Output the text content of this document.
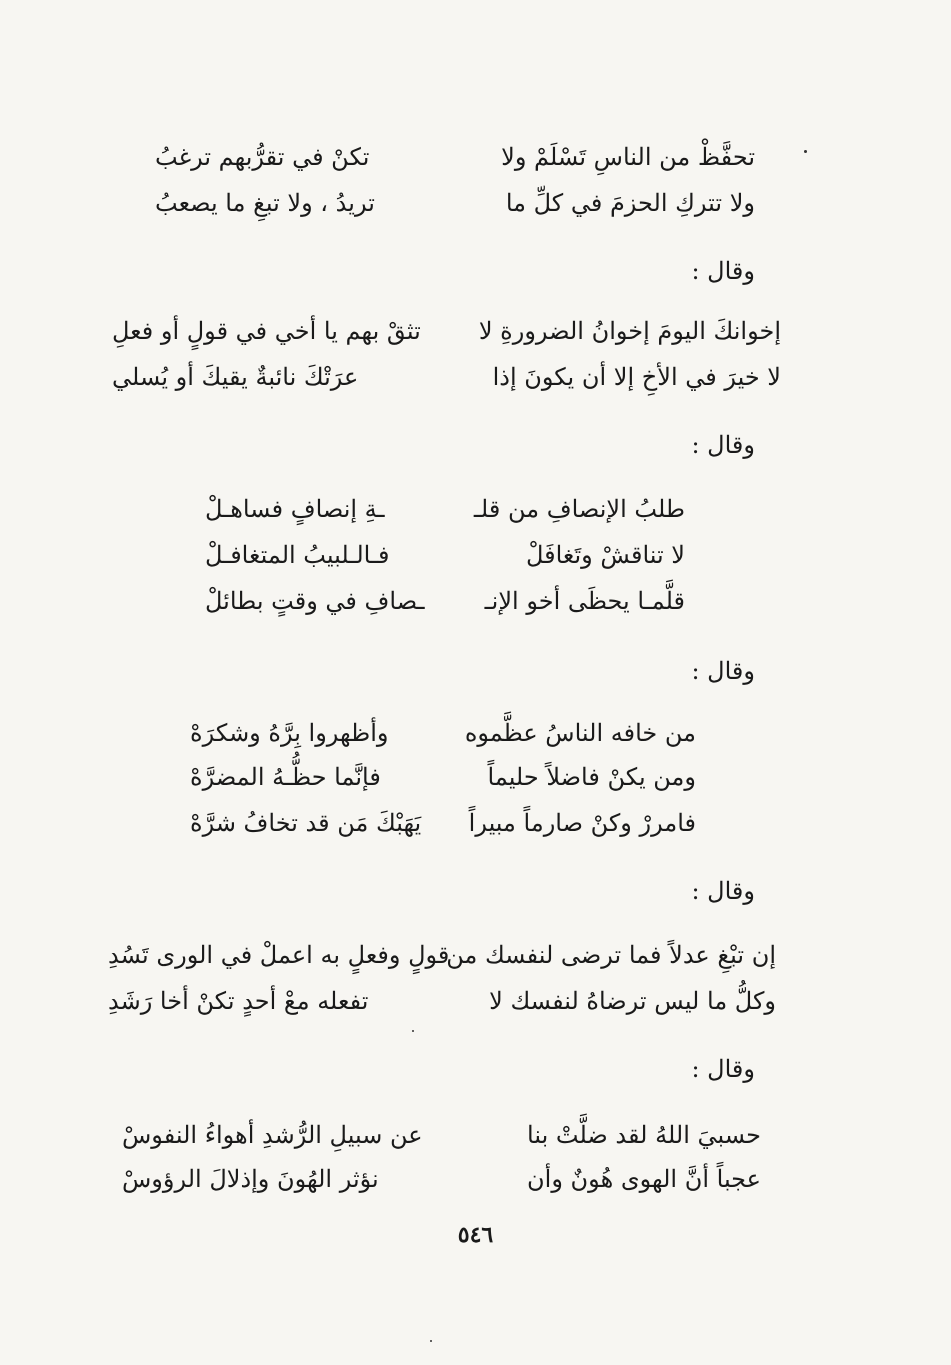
تحفَّظْ من الناسِ تَسْلَمْ ولا
تكنْ في تقرُّبهم ترغبُ
ولا تتركِ الحزمَ في كلِّ ما
تريدُ ، ولا تبغِ ما يصعبُ
وقال :
إخوانكَ اليومَ إخوانُ الضرورةِ لا
تثقْ بهم يا أخي في قولٍ أو فعلِ
لا خيرَ في الأخِ إلا أن يكونَ إذا
عرَتْكَ نائبةٌ يقيكَ أو يُسلي
وقال :
طلبُ الإنصافِ من قلـ
ـةِ إنصافٍ فساهـلْ
لا تناقشْ وتَغافَلْ
فـالـلبيبُ المتغافـلْ
قلَّمـا يحظَى أخو الإنـ
ـصافِ في وقتٍ بطائلْ
وقال :
من خافه الناسُ عظَّموه
وأظهروا بِرَّهُ وشكرَهْ
ومن يكنْ فاضلاً حليماً
فإنَّما حظُّـهُ المضرَّهْ
فامررْ وكنْ صارماً مبيراً
يَهَبْكَ مَن قد تخافُ شرَّهْ
وقال :
إن تبْغِ عدلاً فما ترضى لنفسك من
قولٍ وفعلٍ به اعملْ في الورى تَسُدِ
وكلُّ ما ليس ترضاهُ لنفسك لا
تفعله معْ أحدٍ تكنْ أخا رَشَدِ
وقال :
حسبيَ اللهُ لقد ضلَّتْ بنا
عن سبيلِ الرُّشدِ أهواءُ النفوسْ
عجباً أنَّ الهوى هُونٌ وأن
نؤثر الهُونَ وإذلالَ الرؤوسْ
٥٤٦
